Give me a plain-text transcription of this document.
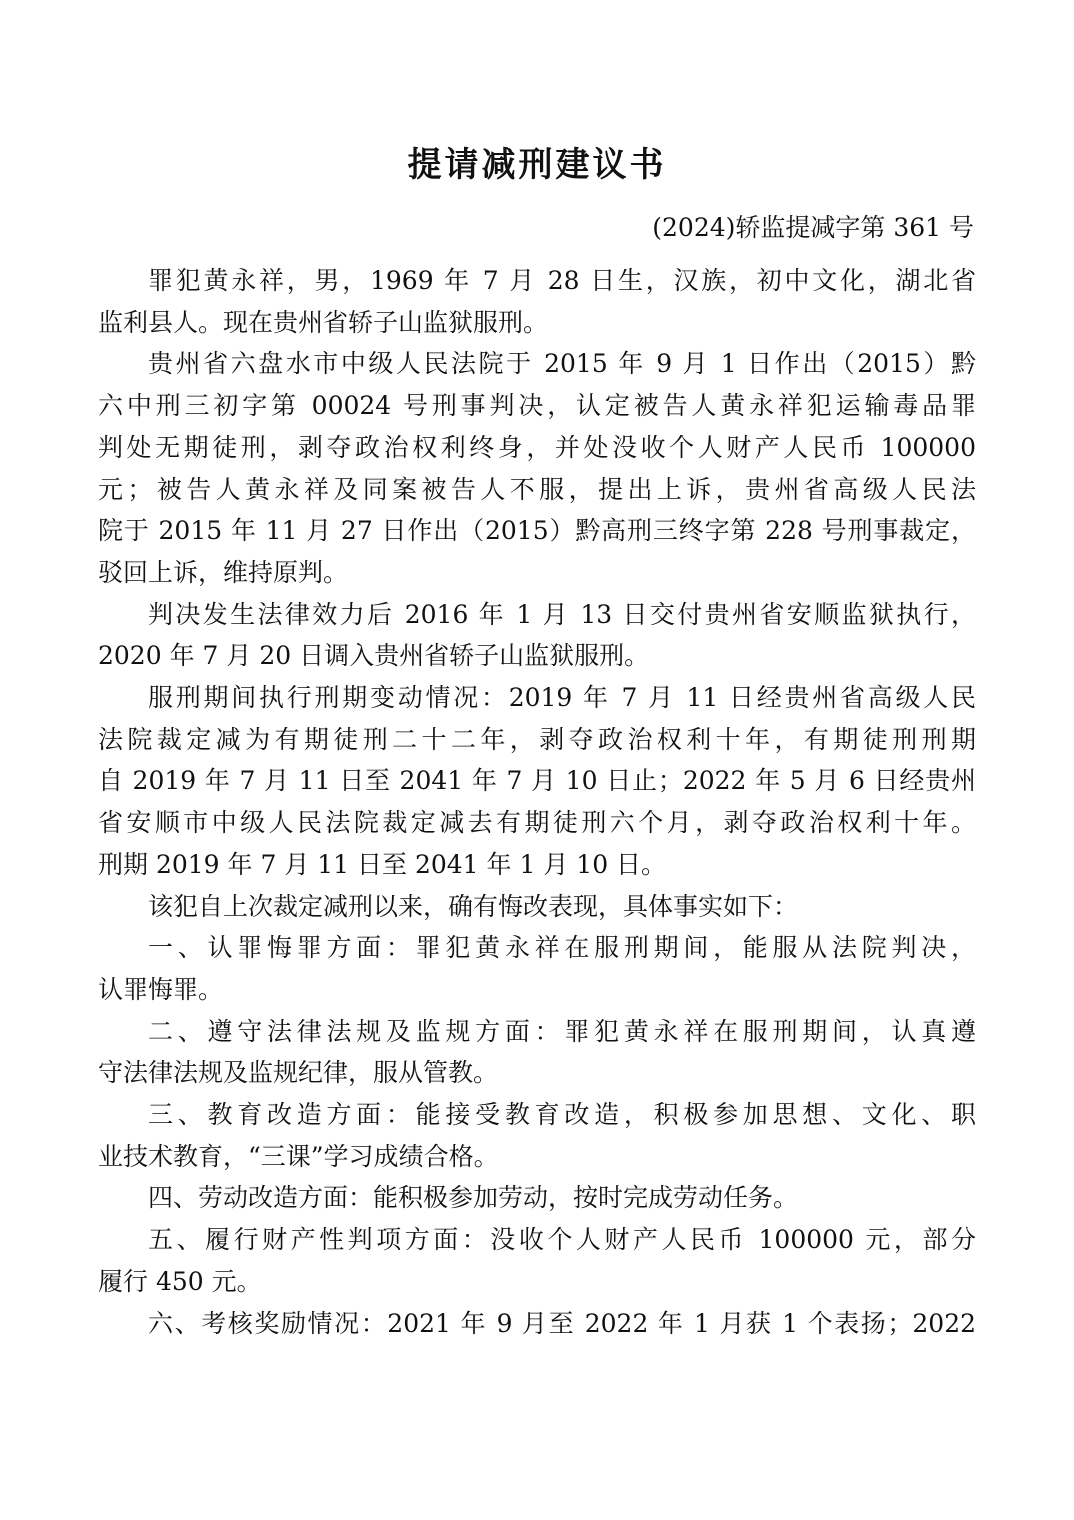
提请减刑建议书
(2024)轿监提减字第 361 号
罪犯黄永祥，男，1969 年 7 月 28 日生，汉族，初中文化，湖北省
监利县人。现在贵州省轿子山监狱服刑。
贵州省六盘水市中级人民法院于 2015 年 9 月 1 日作出（2015）黔
六中刑三初字第 00024 号刑事判决，认定被告人黄永祥犯运输毒品罪
判处无期徒刑，剥夺政治权利终身，并处没收个人财产人民币 100000
元；被告人黄永祥及同案被告人不服，提出上诉，贵州省高级人民法
院于 2015 年 11 月 27 日作出（2015）黔高刑三终字第 228 号刑事裁定，
驳回上诉，维持原判。
判决发生法律效力后 2016 年 1 月 13 日交付贵州省安顺监狱执行，
2020 年 7 月 20 日调入贵州省轿子山监狱服刑。
服刑期间执行刑期变动情况：2019 年 7 月 11 日经贵州省高级人民
法院裁定减为有期徒刑二十二年，剥夺政治权利十年，有期徒刑刑期
自 2019 年 7 月 11 日至 2041 年 7 月 10 日止；2022 年 5 月 6 日经贵州
省安顺市中级人民法院裁定减去有期徒刑六个月，剥夺政治权利十年。
刑期 2019 年 7 月 11 日至 2041 年 1 月 10 日。
该犯自上次裁定减刑以来，确有悔改表现，具体事实如下：
一、认罪悔罪方面：罪犯黄永祥在服刑期间，能服从法院判决，
认罪悔罪。
二、遵守法律法规及监规方面：罪犯黄永祥在服刑期间，认真遵
守法律法规及监规纪律，服从管教。
三、教育改造方面：能接受教育改造，积极参加思想、文化、职
业技术教育，“三课”学习成绩合格。
四、劳动改造方面：能积极参加劳动，按时完成劳动任务。
五、履行财产性判项方面：没收个人财产人民币 100000 元，部分
履行 450 元。
六、考核奖励情况：2021 年 9 月至 2022 年 1 月获 1 个表扬；2022
